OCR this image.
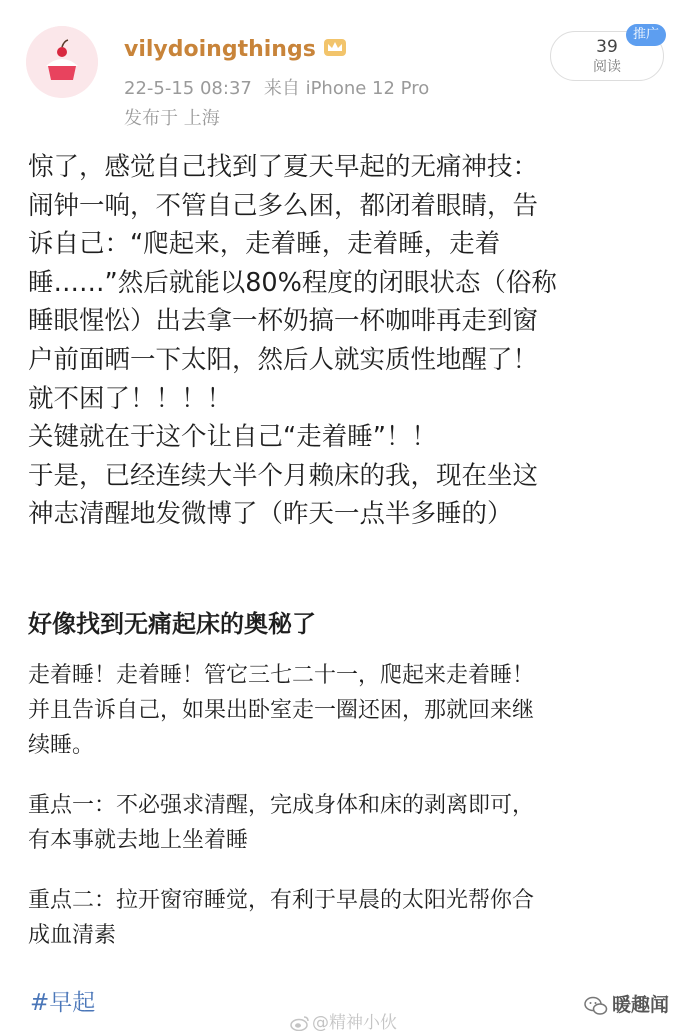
vilydoingthings
22-5-15 08:37 来自 iPhone 12 Pro
发布于 上海
39
阅读
推广
惊了，感觉自己找到了夏天早起的无痛神技：
闹钟一响，不管自己多么困，都闭着眼睛，告
诉自己：“爬起来，走着睡，走着睡，走着
睡……”然后就能以80%程度的闭眼状态（俗称
睡眼惺忪）出去拿一杯奶搞一杯咖啡再走到窗
户前面晒一下太阳，然后人就实质性地醒了！
就不困了！！！！
关键就在于这个让自己“走着睡”！！
于是，已经连续大半个月赖床的我，现在坐这
神志清醒地发微博了（昨天一点半多睡的）
好像找到无痛起床的奥秘了
走着睡！走着睡！管它三七二十一，爬起来走着睡！
并且告诉自己，如果出卧室走一圈还困，那就回来继
续睡。
重点一：不必强求清醒，完成身体和床的剥离即可，
有本事就去地上坐着睡
重点二：拉开窗帘睡觉，有利于早晨的太阳光帮你合
成血清素
#早起
@精神小伙
暖趣闻
